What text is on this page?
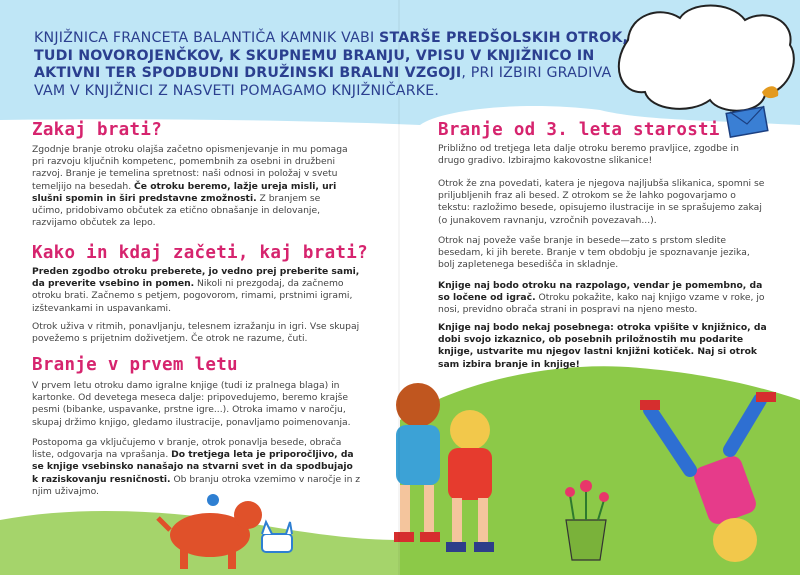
KNJIŽNICA FRANCETA BALANTIČA KAMNIK VABI STARŠE PREDŠOLSKIH OTROK, TUDI NOVOROJENČKOV, K SKUPNEMU BRANJU, VPISU V KNJIŽNICO IN AKTIVNI TER SPODBUDNI DRUŽINSKI BRALNI VZGOJI, PRI IZBIRI GRADIVA VAM V KNJIŽNICI Z NASVETI POMAGAMO KNJIŽNIČARKE.
Zakaj brati?
Zgodnje branje otroku olajša začetno opismenjevanje in mu pomaga pri razvoju ključnih kompetenc, pomembnih za osebni in družbeni razvoj. Branje je temelina spretnost: naši odnosi in položaj v svetu temeljijo na besedah. Če otroku beremo, lažje ureja misli, uri slušni spomin in širi predstavne zmožnosti. Z branjem se učimo, pridobivamo občutek za etično obnašanje in delovanje, razvijamo občutek za lepo.
Kako in kdaj začeti, kaj brati?
Preden zgodbo otroku preberete, jo vedno prej preberite sami, da preverite vsebino in pomen. Nikoli ni prezgodaj, da začnemo otroku brati. Začnemo s petjem, pogovorom, rimami, prstnimi igrami, izštevankami in uspavankami.
Otrok uživa v ritmih, ponavljanju, telesnem izražanju in igri. Vse skupaj povežemo s prijetnim doživetjem. Če otrok ne razume, čuti.
Branje v prvem letu
V prvem letu otroku damo igralne knjige (tudi iz pralnega blaga) in kartonke. Od devetega meseca dalje: pripovedujemo, beremo krajše pesmi (bibanke, uspavanke, prstne igre...). Otroka imamo v naročju, skupaj držimo knjigo, gledamo ilustracije, ponavljamo poimenovanja.
Postopoma ga vključujemo v branje, otrok ponavlja besede, obrača liste, odgovarja na vprašanja. Do tretjega leta je priporočljivo, da se knjige vsebinsko nanašajo na stvarni svet in da spodbujajo k raziskovanju resničnosti. Ob branju otroka vzemimo v naročje in z njim uživajmo.
Branje od 3. leta starosti
Približno od tretjega leta dalje otroku beremo pravljice, zgodbe in drugo gradivo. Izbirajmo kakovostne slikanice!
Otrok že zna povedati, katera je njegova najljubša slikanica, spomni se priljubljenih fraz ali besed. Z otrokom se že lahko pogovarjamo o tekstu: razložimo besede, opisujemo ilustracije in se sprašujemo zakaj (o junakovem ravnanju, vzročnih povezavah...).
Otrok naj poveže vaše branje in besede—zato s prstom sledite besedam, ki jih berete. Branje v tem obdobju je spoznavanje jezika, bolj zapletenega besedišča in skladnje.
Knjige naj bodo otroku na razpolago, vendar je pomembno, da so ločene od igrač. Otroku pokažite, kako naj knjigo vzame v roke, jo nosi, previdno obrača strani in pospravi na njeno mesto.
Knjige naj bodo nekaj posebnega: otroka vpišite v knjižnico, da dobi svojo izkaznico, ob posebnih priložnostih mu podarite knjige, ustvarite mu njegov lastni knjižni kotiček. Naj si otrok sam izbira branje in knjige!
